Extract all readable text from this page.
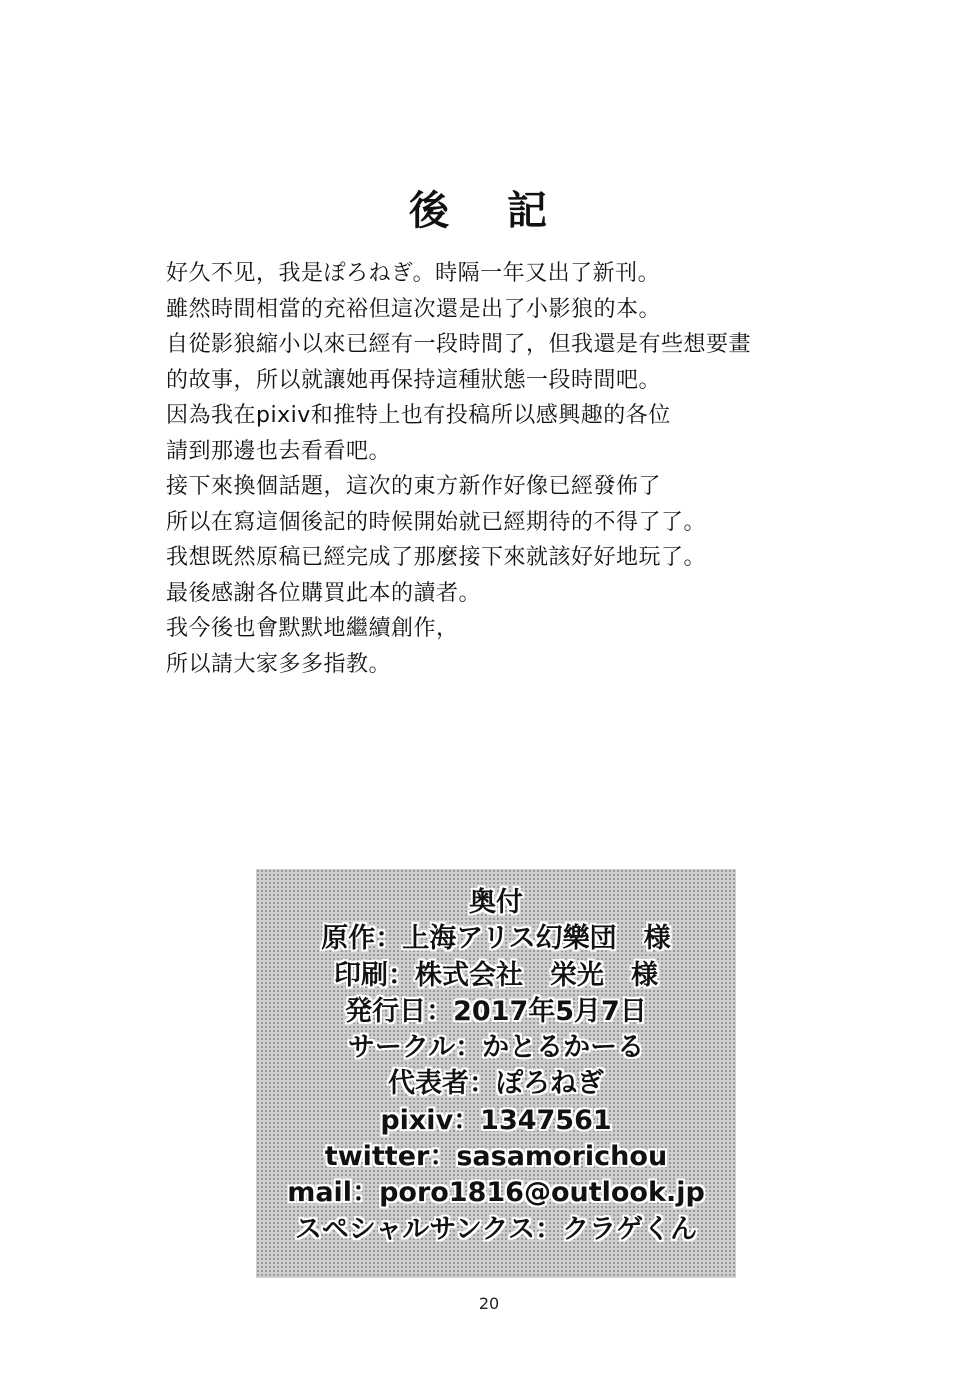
後 記
好久不见，我是ぽろねぎ。時隔一年又出了新刊。
雖然時間相當的充裕但這次還是出了小影狼的本。
自從影狼縮小以來已經有一段時間了，但我還是有些想要畫
的故事，所以就讓她再保持這種狀態一段時間吧。
因為我在pixiv和推特上也有投稿所以感興趣的各位
請到那邊也去看看吧。
接下來換個話題，這次的東方新作好像已經發佈了
所以在寫這個後記的時候開始就已經期待的不得了了。
我想既然原稿已經完成了那麼接下來就該好好地玩了。
最後感謝各位購買此本的讀者。
我今後也會默默地繼續創作，
所以請大家多多指教。
奥付
原作：上海アリス幻樂団　様
印刷：株式会社　栄光　様
発行日：2017年5月7日
サークル：かとるかーる
代表者：ぽろねぎ
pixiv：1347561
twitter：sasamorichou
mail：poro1816@outlook.jp
スペシャルサンクス：クラゲくん
20
